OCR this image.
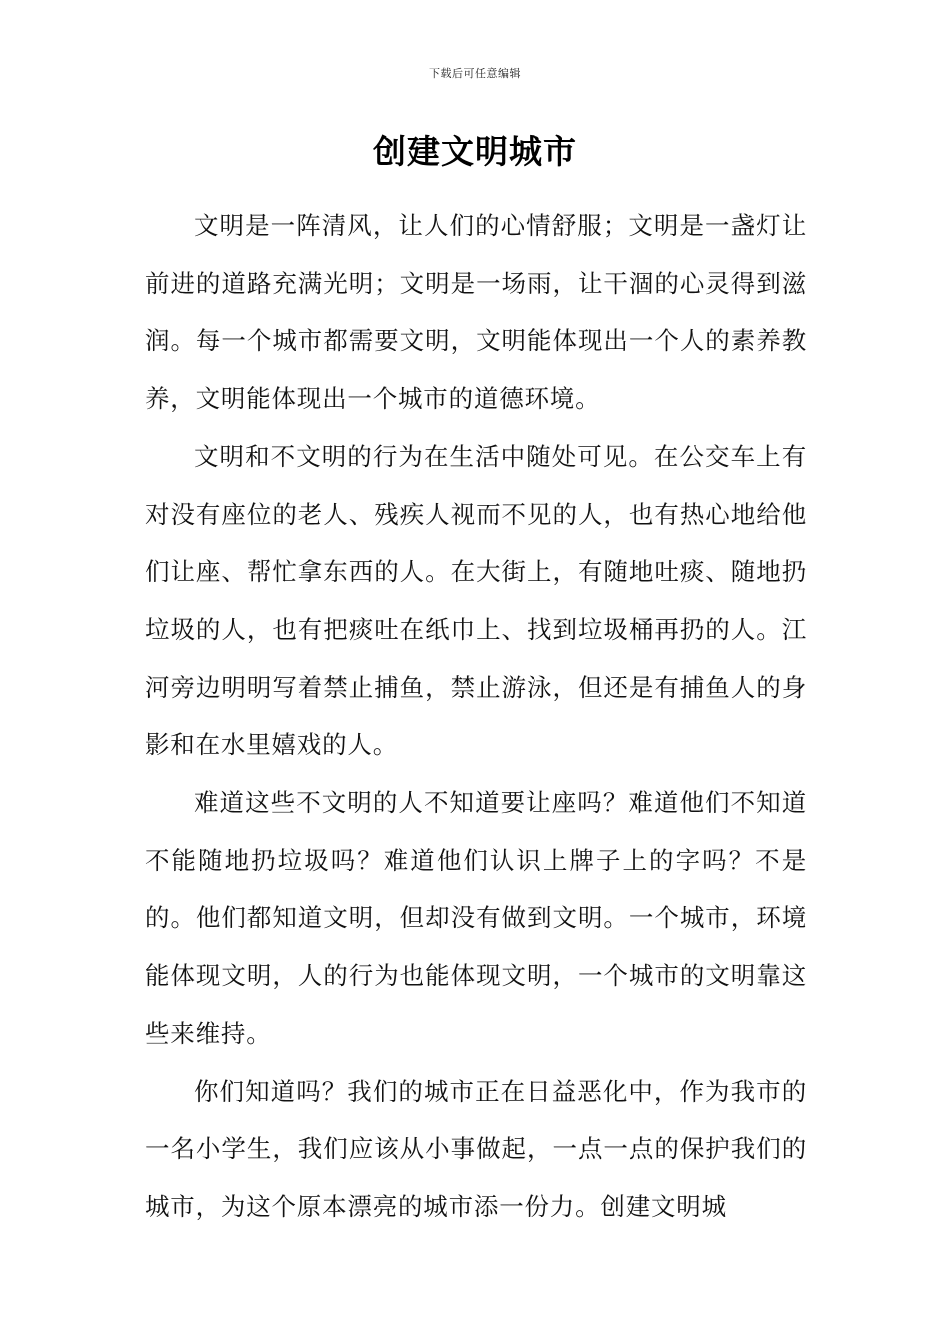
下载后可任意编辑
创建文明城市

文明是一阵清风，让人们的心情舒服；文明是一盏灯让前进的道路充满光明；文明是一场雨，让干涸的心灵得到滋润。每一个城市都需要文明，文明能体现出一个人的素养教养，文明能体现出一个城市的道德环境。

文明和不文明的行为在生活中随处可见。在公交车上有对没有座位的老人、残疾人视而不见的人，也有热心地给他们让座、帮忙拿东西的人。在大街上，有随地吐痰、随地扔垃圾的人，也有把痰吐在纸巾上、找到垃圾桶再扔的人。江河旁边明明写着禁止捕鱼，禁止游泳，但还是有捕鱼人的身影和在水里嬉戏的人。

难道这些不文明的人不知道要让座吗？难道他们不知道不能随地扔垃圾吗？难道他们认识上牌子上的字吗？不是的。他们都知道文明，但却没有做到文明。一个城市，环境能体现文明，人的行为也能体现文明，一个城市的文明靠这些来维持。

你们知道吗？我们的城市正在日益恶化中，作为我市的一名小学生，我们应该从小事做起，一点一点的保护我们的城市，为这个原本漂亮的城市添一份力。创建文明城
